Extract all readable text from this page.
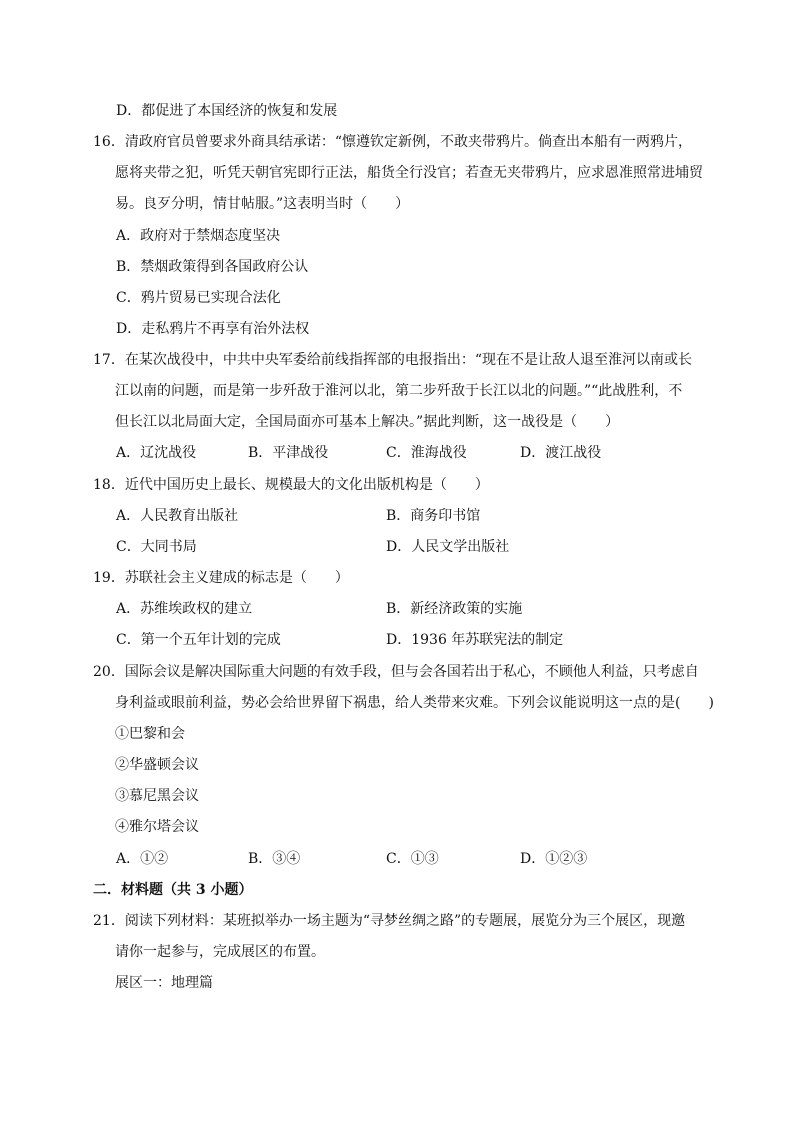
D．都促进了本国经济的恢复和发展
16．清政府官员曾要求外商具结承诺：“懔遵钦定新例，不敢夹带鸦片。倘查出本船有一两鸦片，
愿将夹带之犯，听凭天朝官宪即行正法，船货全行没官；若查无夹带鸦片，应求恩准照常进埔贸
易。良歹分明，情甘帖服。”这表明当时（　　）
A．政府对于禁烟态度坚决
B．禁烟政策得到各国政府公认
C．鸦片贸易已实现合法化
D．走私鸦片不再享有治外法权
17．在某次战役中，中共中央军委给前线指挥部的电报指出：“现在不是让敌人退至淮河以南或长
江以南的问题，而是第一步歼敌于淮河以北，第二步歼敌于长江以北的问题。”“此战胜利，不
但长江以北局面大定，全国局面亦可基本上解决。”据此判断，这一战役是（　　）
A．辽沈战役	B．平津战役	C．淮海战役	D．渡江战役
18．近代中国历史上最长、规模最大的文化出版机构是（　　）
A．人民教育出版社	B．商务印书馆
C．大同书局	D．人民文学出版社
19．苏联社会主义建成的标志是（　　）
A．苏维埃政权的建立	B．新经济政策的实施
C．第一个五年计划的完成	D．1936 年苏联宪法的制定
20．国际会议是解决国际重大问题的有效手段，但与会各国若出于私心，不顾他人利益，只考虑自
身利益或眼前利益，势必会给世界留下祸患，给人类带来灾难。下列会议能说明这一点的是(　　)
①巴黎和会
②华盛顿会议
③慕尼黑会议
④雅尔塔会议
A．①②	B．③④	C．①③	D．①②③
二．材料题（共 3 小题）
21．阅读下列材料：某班拟举办一场主题为“寻梦丝绸之路”的专题展，展览分为三个展区，现邀
请你一起参与，完成展区的布置。
展区一：地理篇
